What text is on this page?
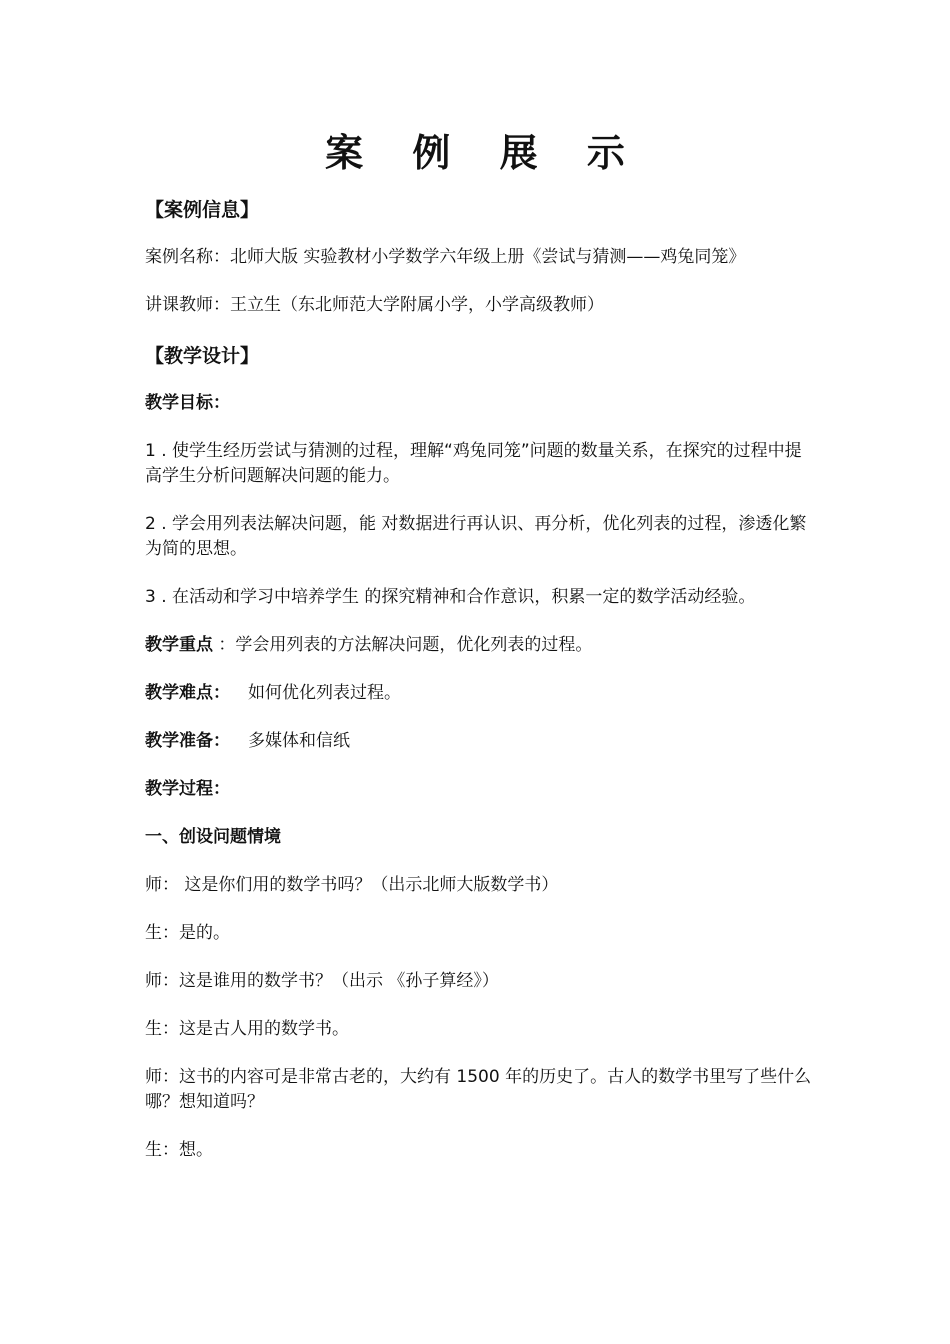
案 例 展 示
【案例信息】
案例名称：北师大版 实验教材小学数学六年级上册《尝试与猜测——鸡兔同笼》
讲课教师：王立生（东北师范大学附属小学，小学高级教师）
【教学设计】
教学目标：
1 . 使学生经历尝试与猜测的过程，理解“鸡兔同笼”问题的数量关系，在探究的过程中提高学生分析问题解决问题的能力。
2 . 学会用列表法解决问题，能 对数据进行再认识、再分析，优化列表的过程，渗透化繁为简的思想。
3 . 在活动和学习中培养学生 的探究精神和合作意识，积累一定的数学活动经验。
教学重点 ：学会用列表的方法解决问题，优化列表的过程。
教学难点： 如何优化列表过程。
教学准备： 多媒体和信纸
教学过程：
一、创设问题情境
师： 这是你们用的数学书吗？（出示北师大版数学书）
生：是的。
师：这是谁用的数学书？（出示 《孙子算经》）
生：这是古人用的数学书。
师：这书的内容可是非常古老的，大约有 1500 年的历史了。古人的数学书里写了些什么哪？想知道吗？
生：想。
